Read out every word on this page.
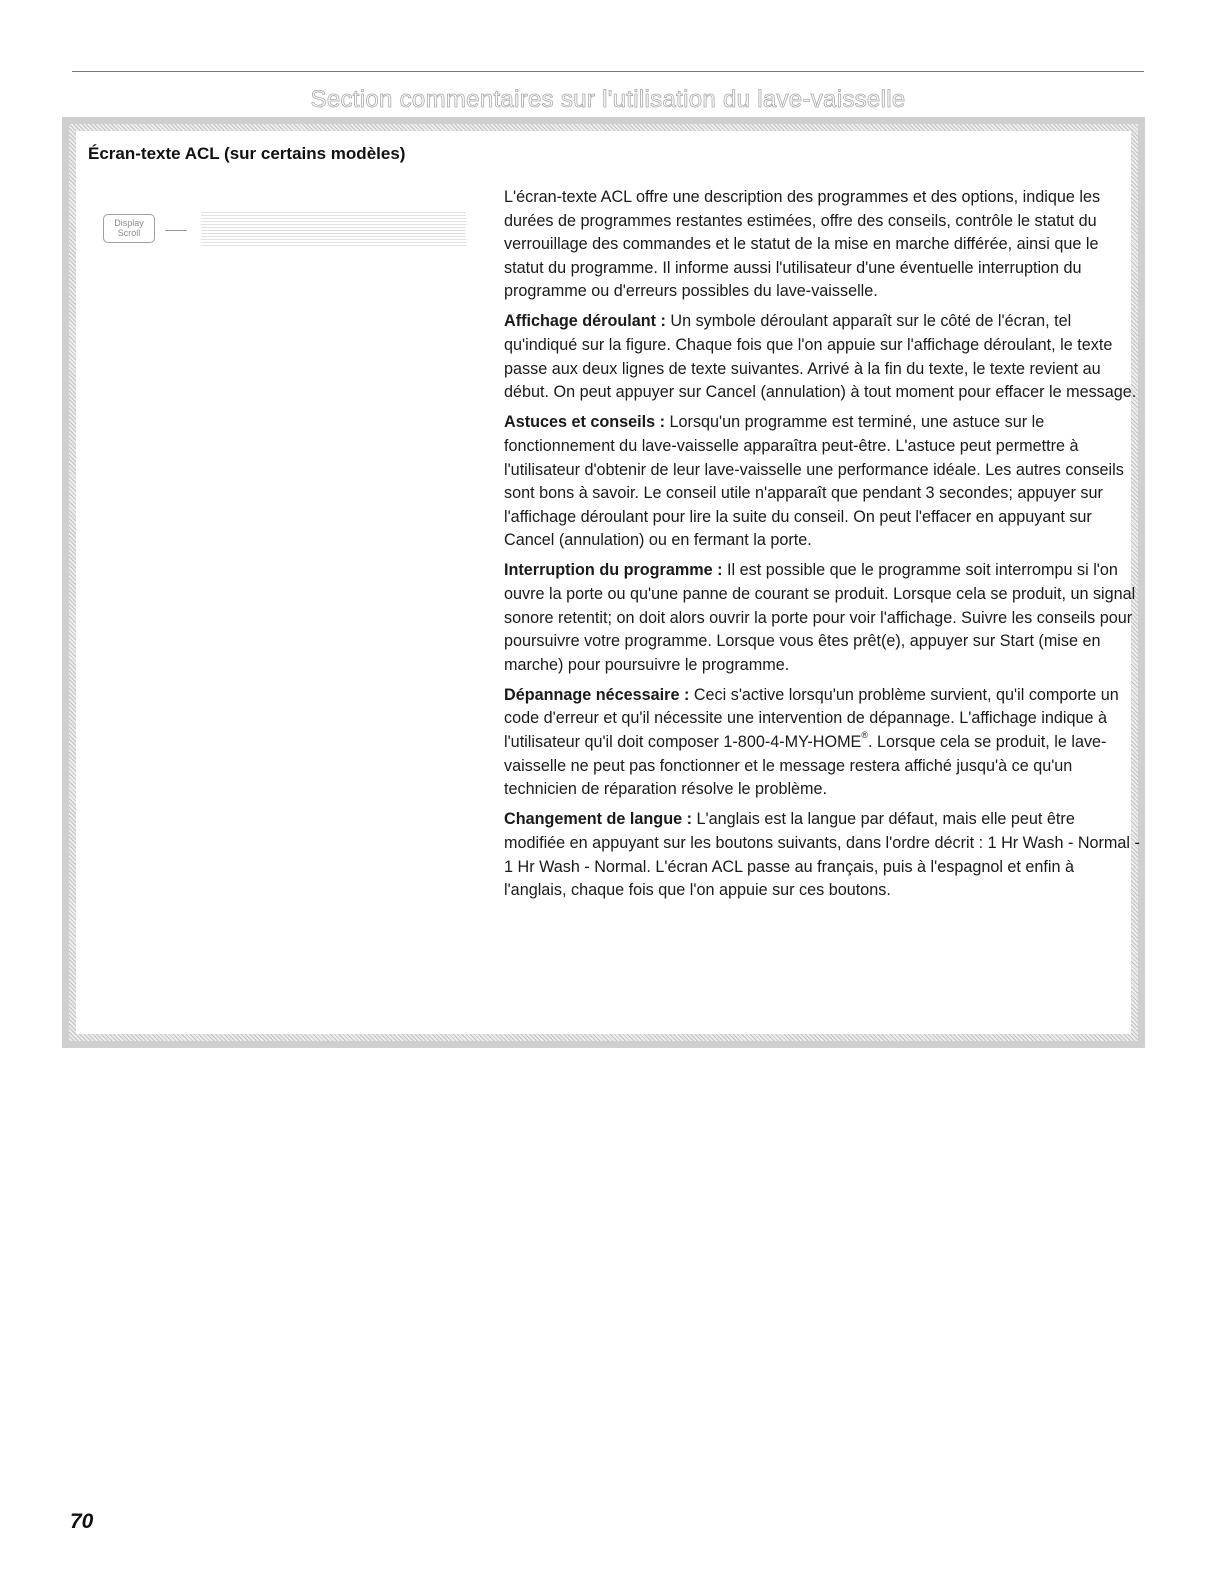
Section commentaires sur l'utilisation du lave-vaisselle
Écran-texte ACL (sur certains modèles)
Display
Scroll

L'écran-texte ACL offre une description des programmes et des options, indique les durées de programmes restantes estimées, offre des conseils, contrôle le statut du verrouillage des commandes et le statut de la mise en marche différée, ainsi que le statut du programme. Il informe aussi l'utilisateur d'une éventuelle interruption du programme ou d'erreurs possibles du lave-vaisselle.

Affichage déroulant : Un symbole déroulant apparaît sur le côté de l'écran, tel qu'indiqué sur la figure. Chaque fois que l'on appuie sur l'affichage déroulant, le texte passe aux deux lignes de texte suivantes. Arrivé à la fin du texte, le texte revient au début. On peut appuyer sur Cancel (annulation) à tout moment pour effacer le message.

Astuces et conseils : Lorsqu'un programme est terminé, une astuce sur le fonctionnement du lave-vaisselle apparaîtra peut-être. L'astuce peut permettre à l'utilisateur d'obtenir de leur lave-vaisselle une performance idéale. Les autres conseils sont bons à savoir. Le conseil utile n'apparaît que pendant 3 secondes; appuyer sur l'affichage déroulant pour lire la suite du conseil. On peut l'effacer en appuyant sur Cancel (annulation) ou en fermant la porte.

Interruption du programme : Il est possible que le programme soit interrompu si l'on ouvre la porte ou qu'une panne de courant se produit. Lorsque cela se produit, un signal sonore retentit; on doit alors ouvrir la porte pour voir l'affichage. Suivre les conseils pour poursuivre votre programme. Lorsque vous êtes prêt(e), appuyer sur Start (mise en marche) pour poursuivre le programme.

Dépannage nécessaire : Ceci s'active lorsqu'un problème survient, qu'il comporte un code d'erreur et qu'il nécessite une intervention de dépannage. L'affichage indique à l'utilisateur qu'il doit composer 1-800-4-MY-HOME®. Lorsque cela se produit, le lave-vaisselle ne peut pas fonctionner et le message restera affiché jusqu'à ce qu'un technicien de réparation résolve le problème.

Changement de langue : L'anglais est la langue par défaut, mais elle peut être modifiée en appuyant sur les boutons suivants, dans l'ordre décrit : 1 Hr Wash - Normal - 1 Hr Wash - Normal. L'écran ACL passe au français, puis à l'espagnol et enfin à l'anglais, chaque fois que l'on appuie sur ces boutons.

70
